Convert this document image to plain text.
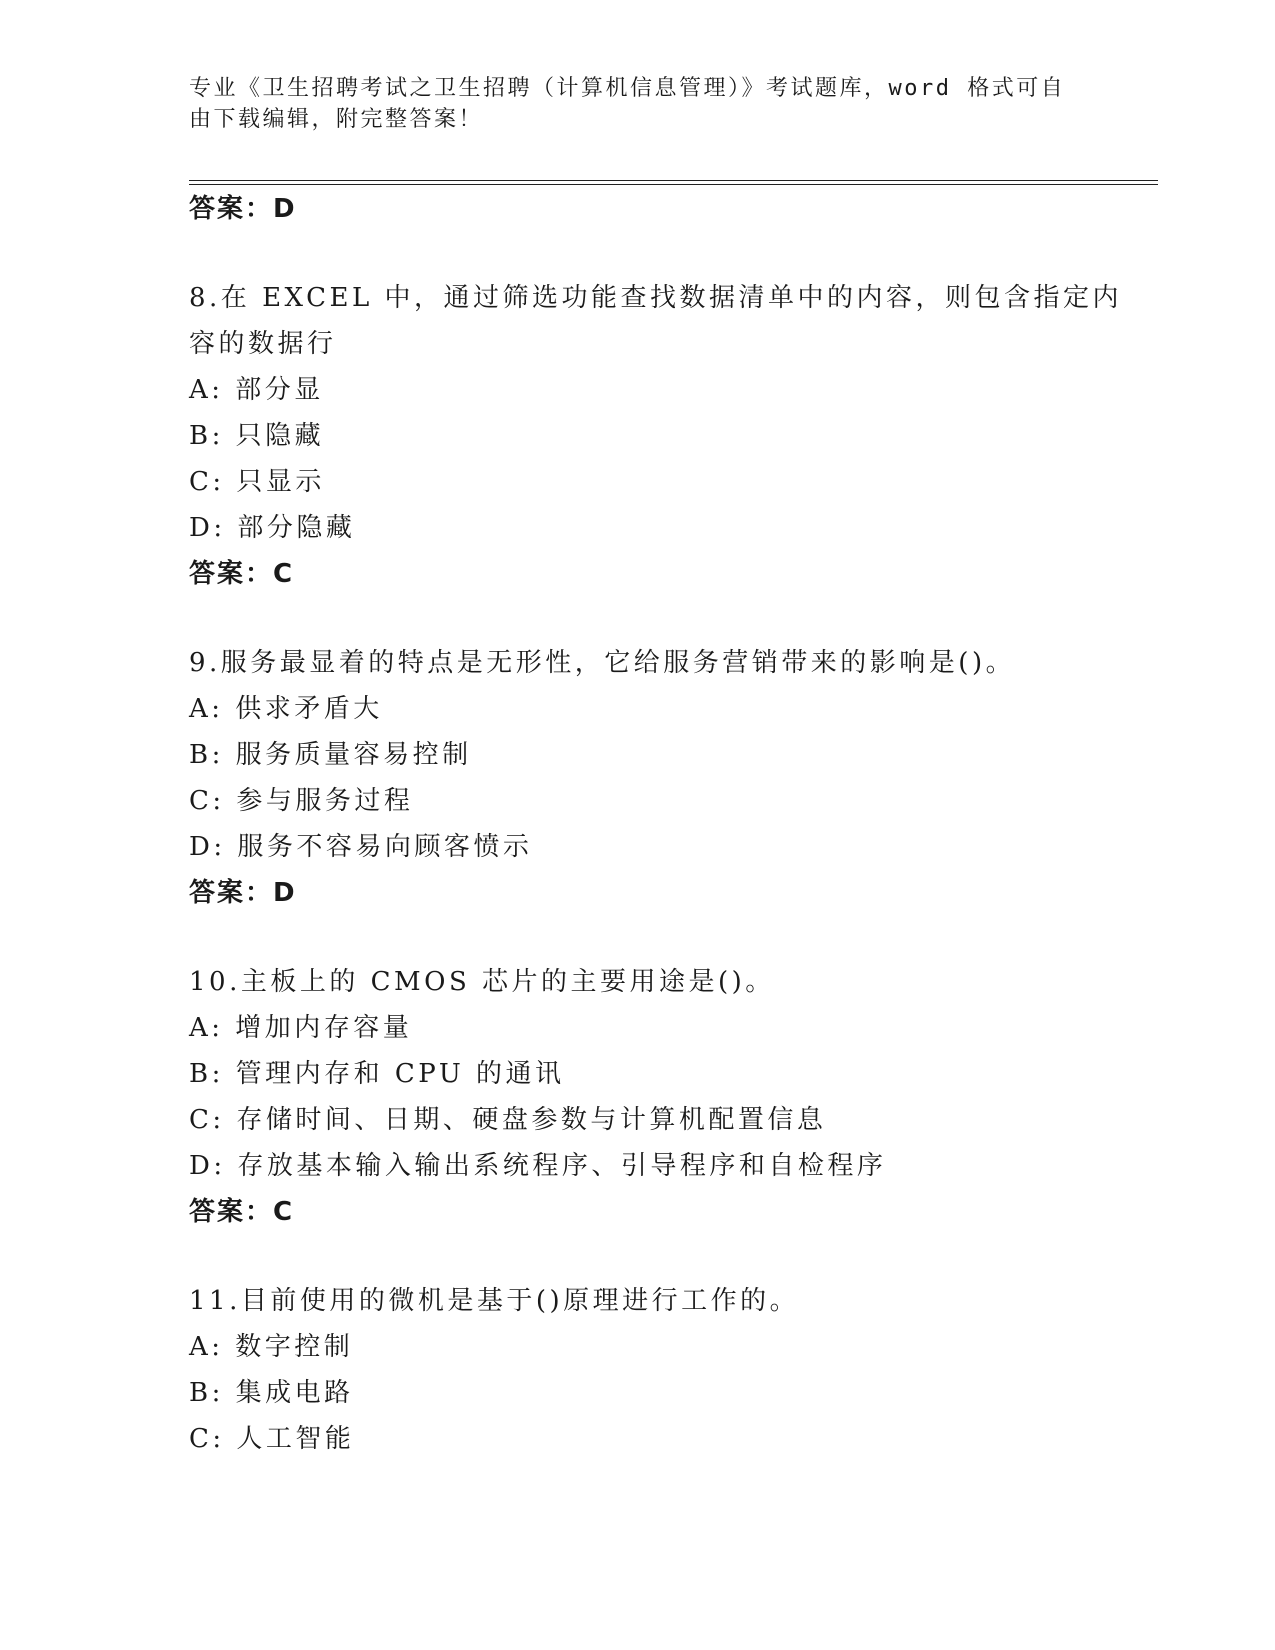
专业《卫生招聘考试之卫生招聘（计算机信息管理）》考试题库，word 格式可自
由下载编辑，附完整答案！
答案：D
8.在 EXCEL 中，通过筛选功能查找数据清单中的内容，则包含指定内
容的数据行
A: 部分显
B: 只隐藏
C: 只显示
D: 部分隐藏
答案：C
9.服务最显着的特点是无形性，它给服务营销带来的影响是()。
A: 供求矛盾大
B: 服务质量容易控制
C: 参与服务过程
D: 服务不容易向顾客愤示
答案：D
10.主板上的 CMOS 芯片的主要用途是()。
A: 增加内存容量
B: 管理内存和 CPU 的通讯
C: 存储时间、日期、硬盘参数与计算机配置信息
D: 存放基本输入输出系统程序、引导程序和自检程序
答案：C
11.目前使用的微机是基于()原理进行工作的。
A: 数字控制
B: 集成电路
C: 人工智能
